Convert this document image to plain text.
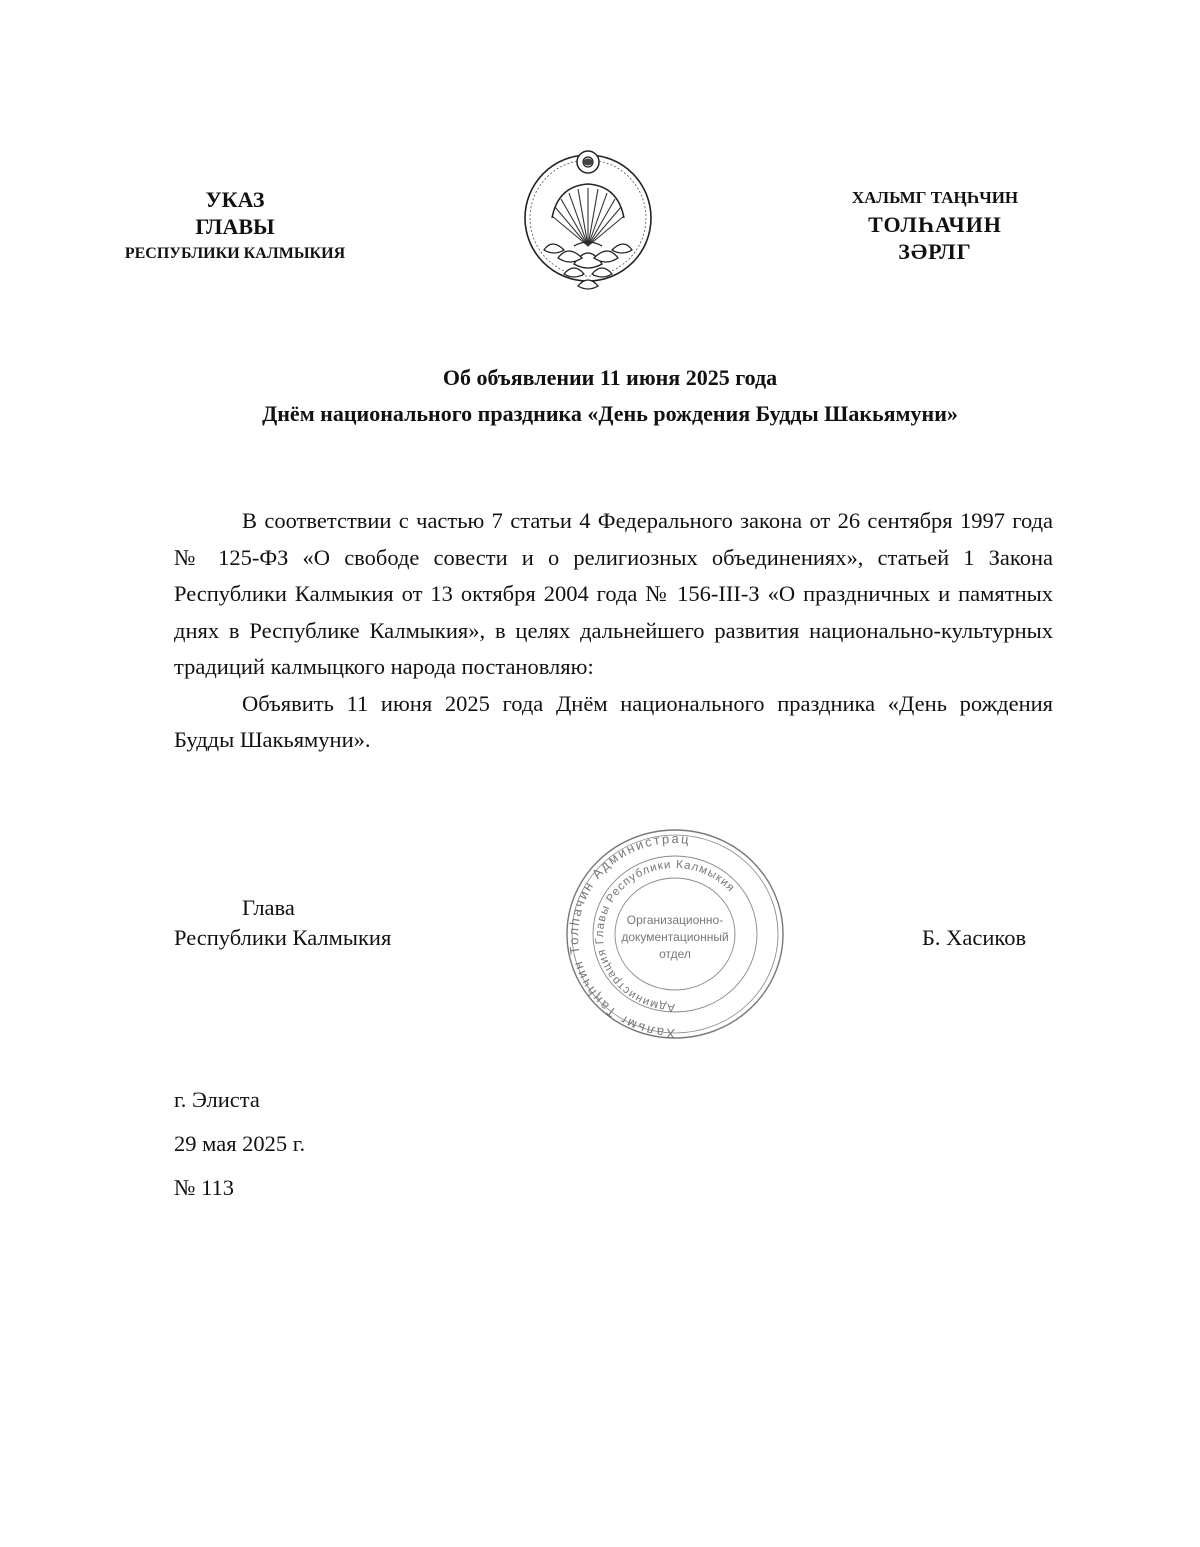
УКАЗ
ГЛАВЫ
РЕСПУБЛИКИ КАЛМЫКИЯ
ХАЛЬМГ ТАҢҺЧИН
ТОЛҺАЧИН
ЗӘРЛГ
Об объявлении 11 июня 2025 года
Днём национального праздника «День рождения Будды Шакьямуни»

В соответствии с частью 7 статьи 4 Федерального закона от 26 сентября 1997 года № 125-ФЗ «О свободе совести и о религиозных объединениях», статьей 1 Закона Республики Калмыкия от 13 октября 2004 года № 156-III-З «О праздничных и памятных днях в Республике Калмыкия», в целях дальнейшего развития национально-культурных традиций калмыцкого народа постановляю:

Объявить 11 июня 2025 года Днём национального праздника «День рождения Будды Шакьямуни».

Глава
Республики Калмыкия
Хальмг Таңһчин Толһачин Администрац
Администрация Главы Республики Калмыкия
Организационно-
документационный
отдел
Б. Хасиков
г. Элиста
29 мая 2025 г.
№ 113
